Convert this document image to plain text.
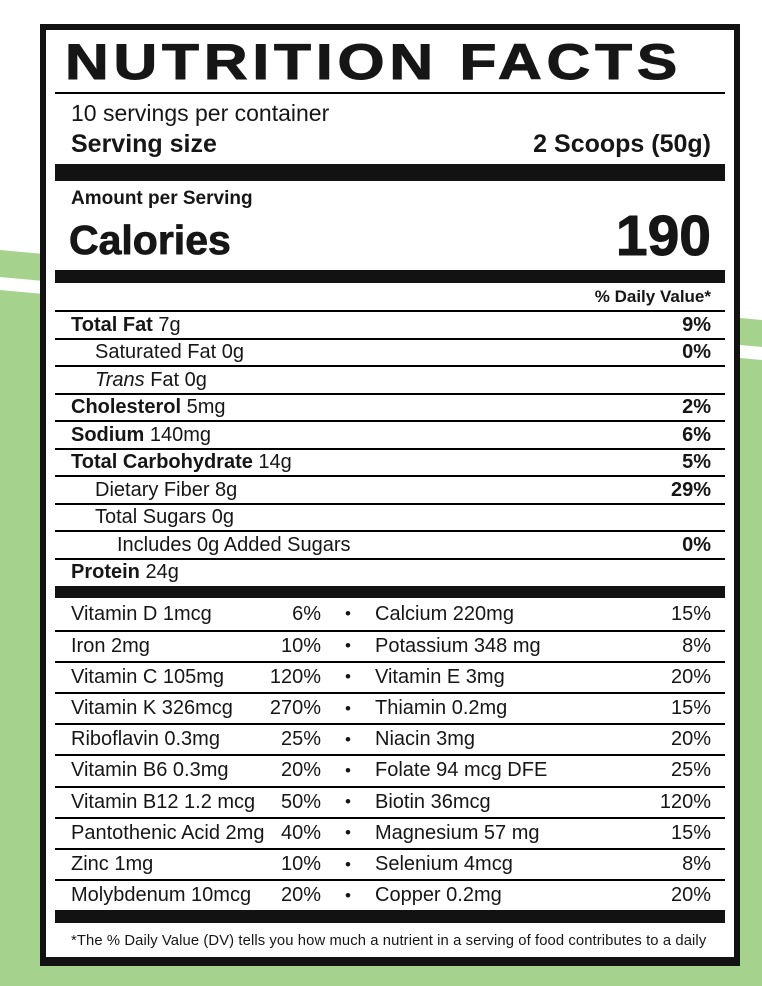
NUTRITION FACTS
10 servings per container
Serving size	2 Scoops (50g)
Amount per Serving
Calories	190
% Daily Value*
Total Fat 7g	9%
Saturated Fat 0g	0%
Trans Fat 0g
Cholesterol 5mg	2%
Sodium 140mg	6%
Total Carbohydrate 14g	5%
Dietary Fiber 8g	29%
Total Sugars 0g
Includes 0g Added Sugars	0%
Protein 24g
Vitamin D 1mcg	6%	•	Calcium 220mg	15%
Iron 2mg	10%	•	Potassium 348 mg	8%
Vitamin C 105mg	120%	•	Vitamin E 3mg	20%
Vitamin K 326mcg	270%	•	Thiamin 0.2mg	15%
Riboflavin 0.3mg	25%	•	Niacin 3mg	20%
Vitamin B6 0.3mg	20%	•	Folate 94 mcg DFE	25%
Vitamin B12 1.2 mcg	50%	•	Biotin 36mcg	120%
Pantothenic Acid 2mg 40%	•	Magnesium 57 mg	15%
Zinc 1mg	10%	•	Selenium 4mcg	8%
Molybdenum 10mcg	20%	•	Copper 0.2mg	20%
*The % Daily Value (DV) tells you how much a nutrient in a serving of food contributes to a daily diet. 2,000 calories a day is used for general nutrition advice.
